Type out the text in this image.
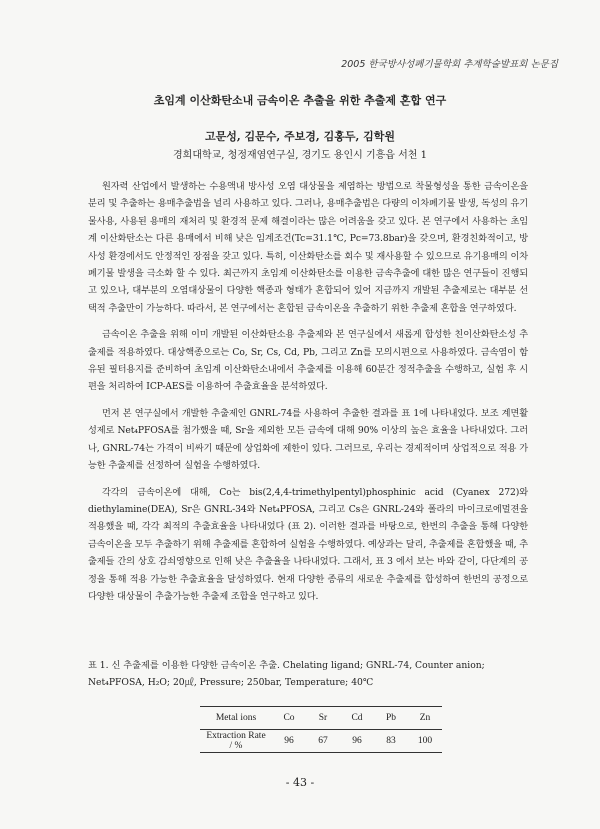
2005 한국방사성폐기물학회 추계학술발표회 논문집
초임계 이산화탄소내 금속이온 추출을 위한 추출제 혼합 연구
고문성, 김문수, 주보경, 김홍두, 김학원
경희대학교, 청정재염연구실, 경기도 용인시 기흥읍 서천 1

원자력 산업에서 발생하는 수용액내 방사성 오염 대상물을 제염하는 방법으로 착물형성을 통한 금속이온을 분리 및 추출하는 용매추출법을 널리 사용하고 있다. 그러나, 용매추출법은 다량의 이차폐기물 발생, 독성의 유기물사용, 사용된 용매의 재처리 및 환경적 문제 해결이라는 많은 어려움을 갖고 있다. 본 연구에서 사용하는 초임계 이산화탄소는 다른 용매에서 비해 낮은 임계조건(Tc=31.1℃, Pc=73.8bar)을 갖으며, 환경친화적이고, 방사성 환경에서도 안정적인 장점을 갖고 있다. 특히, 이산화탄소를 회수 및 재사용할 수 있으므로 유기용매의 이차폐기물 발생을 극소화 할 수 있다. 최근까지 초임계 이산화탄소를 이용한 금속추출에 대한 많은 연구들이 진행되고 있으나, 대부분의 오염대상물이 다양한 핵종과 형태가 혼합되어 있어 지금까지 개발된 추출제로는 대부분 선택적 추출만이 가능하다. 따라서, 본 연구에서는 혼합된 금속이온을 추출하기 위한 추출제 혼합을 연구하였다.

금속이온 추출을 위해 이미 개발된 이산화탄소용 추출제와 본 연구실에서 새롭게 합성한 친이산화탄소성 추출제를 적용하였다. 대상핵종으로는 Co, Sr, Cs, Cd, Pb, 그리고 Zn를 모의시편으로 사용하였다. 금속염이 함유된 필터용지를 준비하여 초임계 이산화탄소내에서 추출제를 이용해 60분간 정적추출을 수행하고, 실험 후 시편을 처리하여 ICP-AES를 이용하여 추출효율을 분석하였다.

먼저 본 연구실에서 개발한 추출제인 GNRL-74를 사용하여 추출한 결과를 표 1에 나타내었다. 보조 계면활성제로 Net₄PFOSA를 첨가했을 때, Sr을 제외한 모든 금속에 대해 90% 이상의 높은 효율을 나타내었다. 그러나, GNRL-74는 가격이 비싸기 때문에 상업화에 제한이 있다. 그러므로, 우리는 경제적이며 상업적으로 적용 가능한 추출제를 선정하여 실험을 수행하였다.

각각의 금속이온에 대해, Co는 bis(2,4,4-trimethylpentyl)phosphinic acid (Cyanex 272)와 diethylamine(DEA), Sr은 GNRL-34와 Net₄PFOSA, 그리고 Cs은 GNRL-24와 폴라의 마이크로에멀젼을 적용했을 때, 각각 최적의 추출효율을 나타내었다 (표 2). 이러한 결과를 바탕으로, 한번의 추출을 통해 다양한 금속이온을 모두 추출하기 위해 추출제를 혼합하여 실험을 수행하였다. 예상과는 달리, 추출제를 혼합했을 때, 추출제들 간의 상호 감쇠영향으로 인해 낮은 추출율을 나타내었다. 그래서, 표 3 에서 보는 바와 같이, 다단계의 공정을 통해 적용 가능한 추출효율을 달성하였다. 현재 다양한 종류의 새로운 추출제를 합성하여 한번의 공정으로 다양한 대상물이 추출가능한 추출제 조합을 연구하고 있다.

표 1. 신 추출제를 이용한 다양한 금속이온 추출. Chelating ligand; GNRL-74, Counter anion; Net₄PFOSA, H₂O; 20㎕, Pressure; 250bar, Temperature; 40℃
Metal ions	Co	Sr	Cd	Pb	Zn
Extraction Rate / %	96	67	96	83	100
- 43 -
